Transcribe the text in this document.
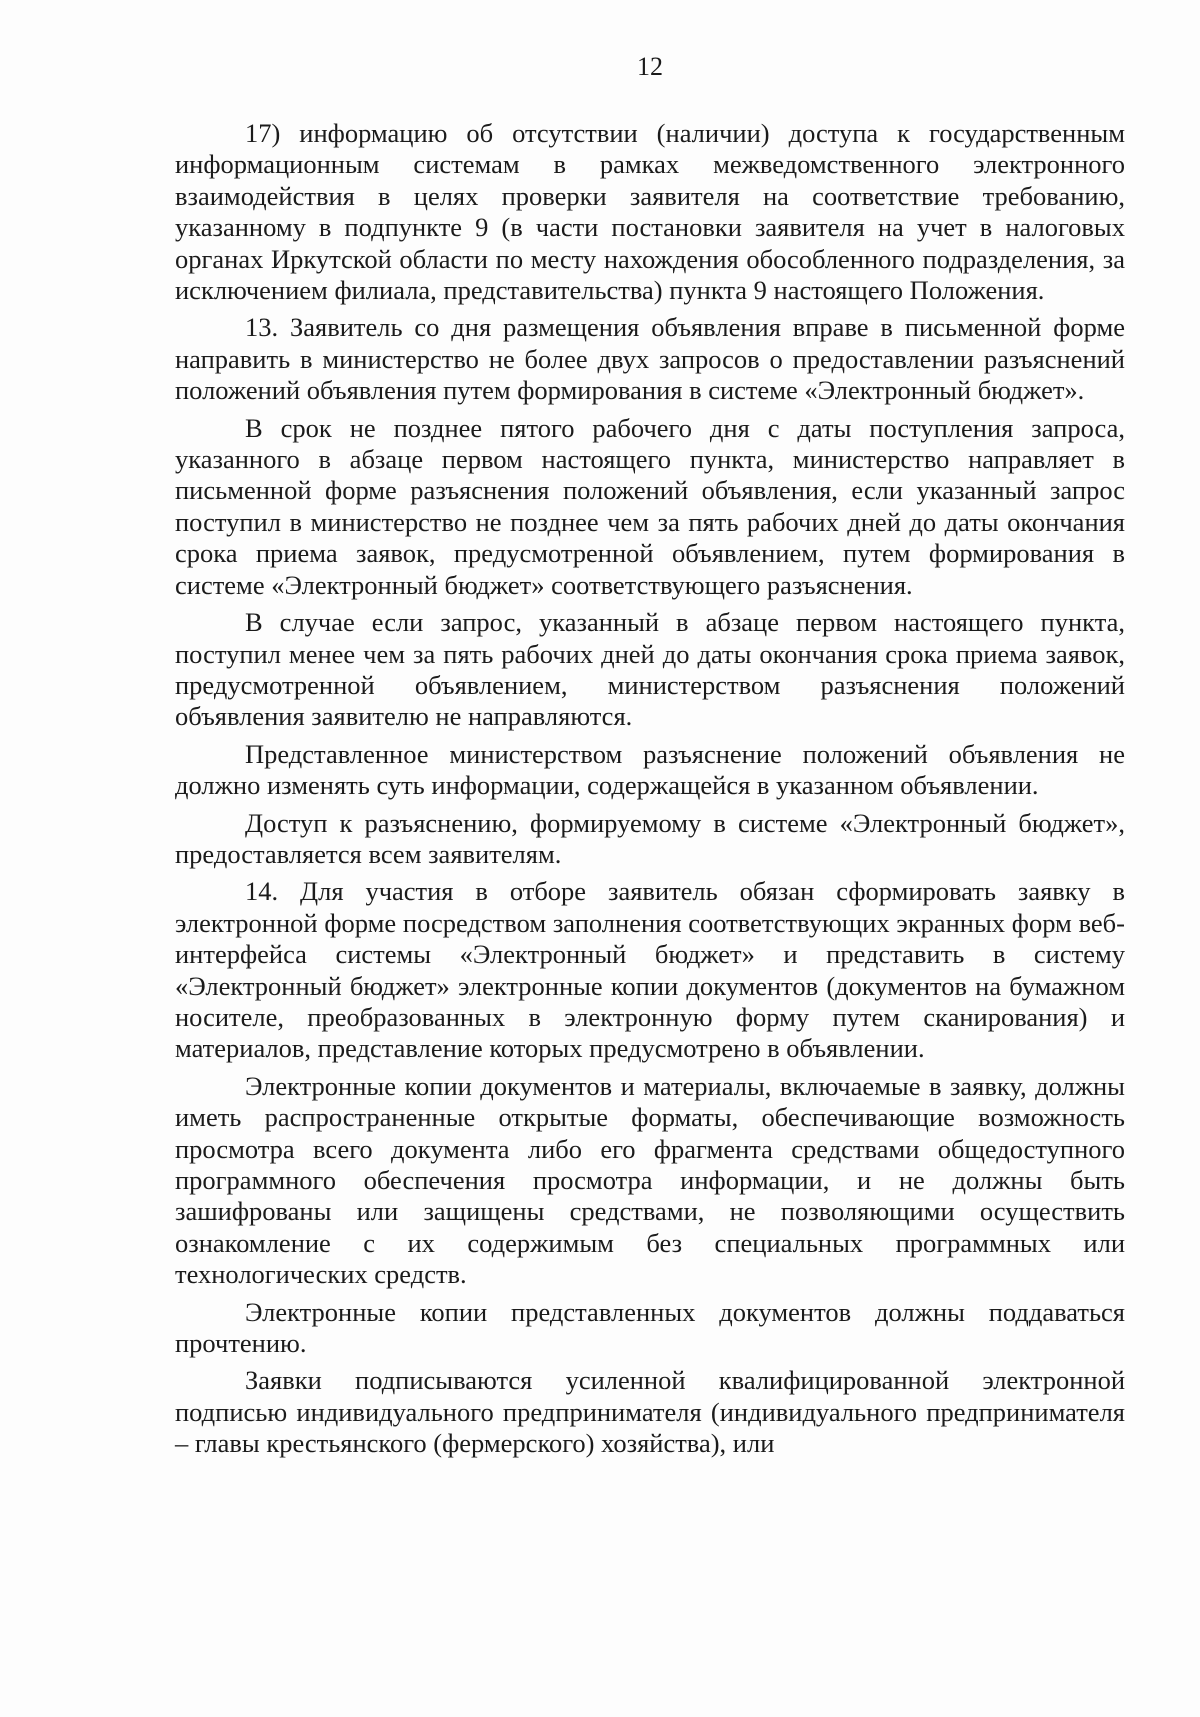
12

17) информацию об отсутствии (наличии) доступа к государственным информационным системам в рамках межведомственного электронного взаимодействия в целях проверки заявителя на соответствие требованию, указанному в подпункте 9 (в части постановки заявителя на учет в налоговых органах Иркутской области по месту нахождения обособленного подразделения, за исключением филиала, представительства) пункта 9 настоящего Положения.

13. Заявитель со дня размещения объявления вправе в письменной форме направить в министерство не более двух запросов о предоставлении разъяснений положений объявления путем формирования в системе «Электронный бюджет».

В срок не позднее пятого рабочего дня с даты поступления запроса, указанного в абзаце первом настоящего пункта, министерство направляет в письменной форме разъяснения положений объявления, если указанный запрос поступил в министерство не позднее чем за пять рабочих дней до даты окончания срока приема заявок, предусмотренной объявлением, путем формирования в системе «Электронный бюджет» соответствующего разъяснения.

В случае если запрос, указанный в абзаце первом настоящего пункта, поступил менее чем за пять рабочих дней до даты окончания срока приема заявок, предусмотренной объявлением, министерством разъяснения положений объявления заявителю не направляются.

Представленное министерством разъяснение положений объявления не должно изменять суть информации, содержащейся в указанном объявлении.

Доступ к разъяснению, формируемому в системе «Электронный бюджет», предоставляется всем заявителям.

14. Для участия в отборе заявитель обязан сформировать заявку в электронной форме посредством заполнения соответствующих экранных форм веб-интерфейса системы «Электронный бюджет» и представить в систему «Электронный бюджет» электронные копии документов (документов на бумажном носителе, преобразованных в электронную форму путем сканирования) и материалов, представление которых предусмотрено в объявлении.

Электронные копии документов и материалы, включаемые в заявку, должны иметь распространенные открытые форматы, обеспечивающие возможность просмотра всего документа либо его фрагмента средствами общедоступного программного обеспечения просмотра информации, и не должны быть зашифрованы или защищены средствами, не позволяющими осуществить ознакомление с их содержимым без специальных программных или технологических средств.

Электронные копии представленных документов должны поддаваться прочтению.

Заявки подписываются усиленной квалифицированной электронной подписью индивидуального предпринимателя (индивидуального предпринимателя – главы крестьянского (фермерского) хозяйства), или
